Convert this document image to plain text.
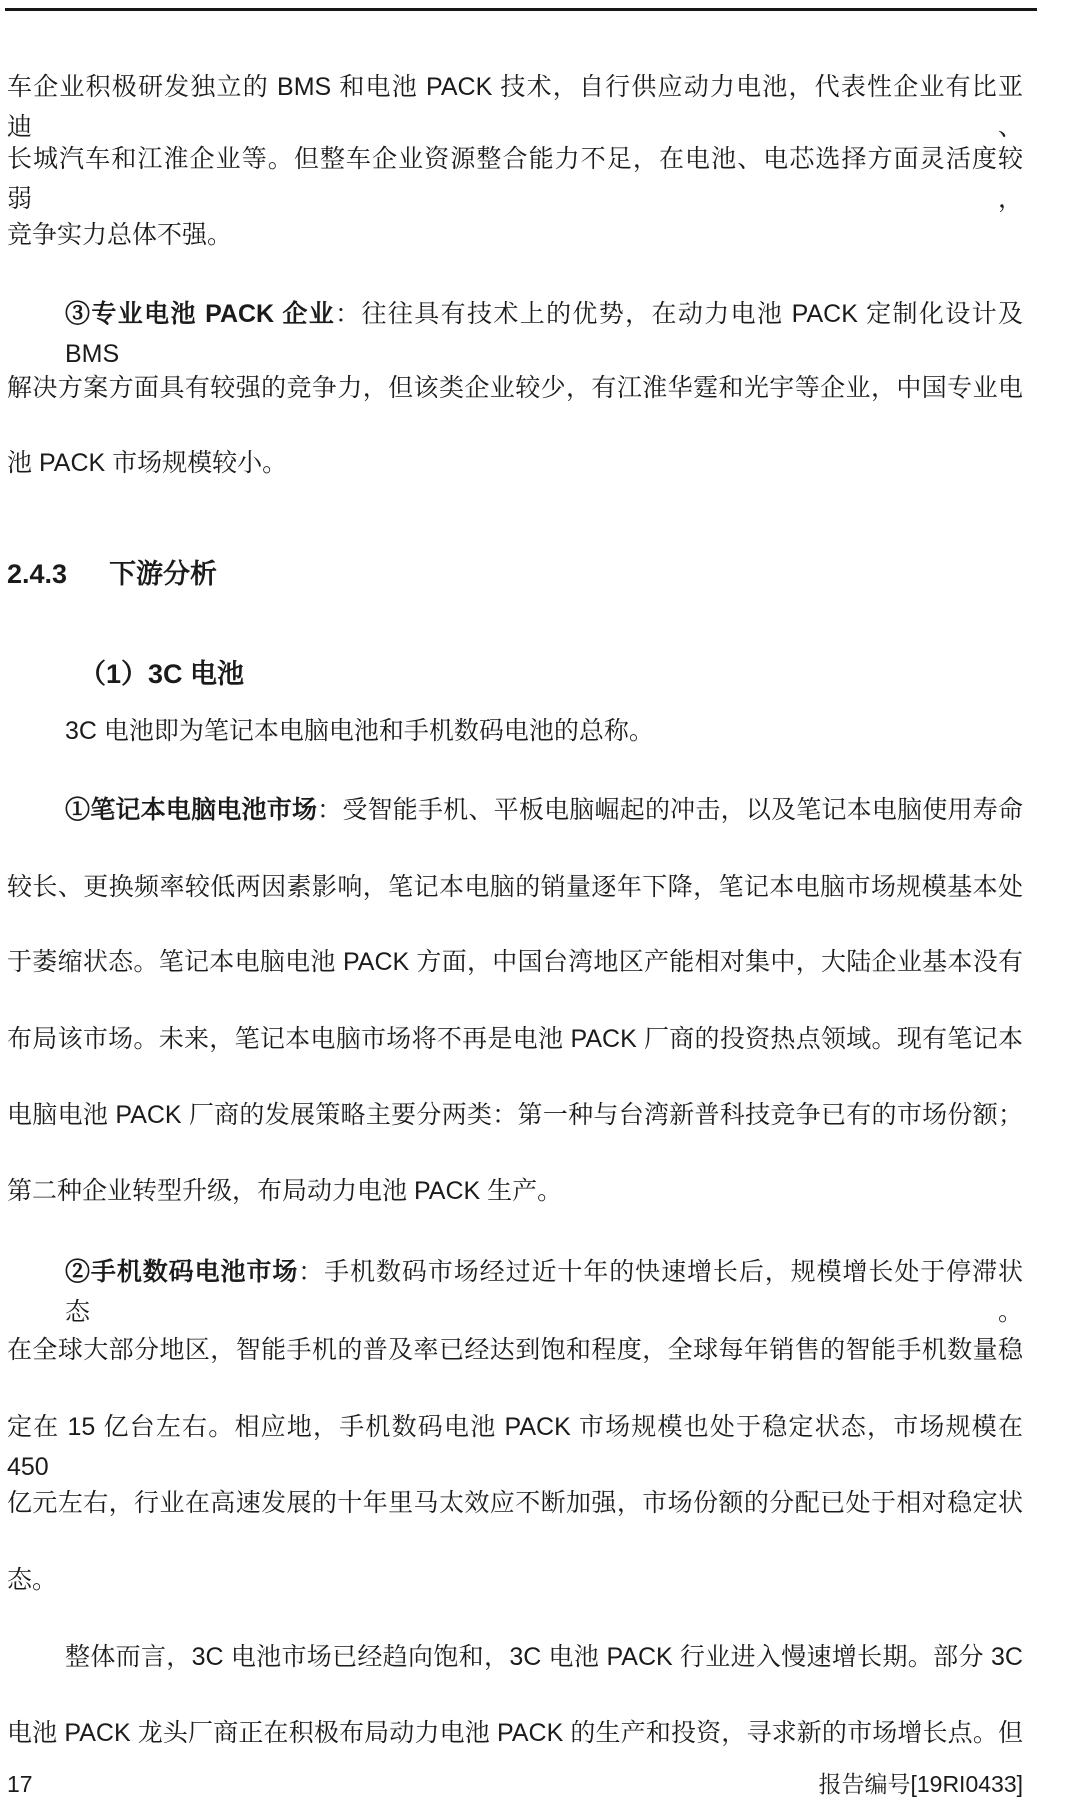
车企业积极研发独立的 BMS 和电池 PACK 技术，自行供应动力电池，代表性企业有比亚迪、
长城汽车和江淮企业等。但整车企业资源整合能力不足，在电池、电芯选择方面灵活度较弱，
竞争实力总体不强。
③专业电池 PACK 企业：往往具有技术上的优势，在动力电池 PACK 定制化设计及 BMS
解决方案方面具有较强的竞争力，但该类企业较少，有江淮华霆和光宇等企业，中国专业电
池 PACK 市场规模较小。
2.4.3 下游分析
（1）3C 电池
3C 电池即为笔记本电脑电池和手机数码电池的总称。
①笔记本电脑电池市场：受智能手机、平板电脑崛起的冲击，以及笔记本电脑使用寿命
较长、更换频率较低两因素影响，笔记本电脑的销量逐年下降，笔记本电脑市场规模基本处
于萎缩状态。笔记本电脑电池 PACK 方面，中国台湾地区产能相对集中，大陆企业基本没有
布局该市场。未来，笔记本电脑市场将不再是电池 PACK 厂商的投资热点领域。现有笔记本
电脑电池 PACK 厂商的发展策略主要分两类：第一种与台湾新普科技竞争已有的市场份额；
第二种企业转型升级，布局动力电池 PACK 生产。
②手机数码电池市场：手机数码市场经过近十年的快速增长后，规模增长处于停滞状态。
在全球大部分地区，智能手机的普及率已经达到饱和程度，全球每年销售的智能手机数量稳
定在 15 亿台左右。相应地，手机数码电池 PACK 市场规模也处于稳定状态，市场规模在 450
亿元左右，行业在高速发展的十年里马太效应不断加强，市场份额的分配已处于相对稳定状
态。
整体而言，3C 电池市场已经趋向饱和，3C 电池 PACK 行业进入慢速增长期。部分 3C
电池 PACK 龙头厂商正在积极布局动力电池 PACK 的生产和投资，寻求新的市场增长点。但
17	报告编号[19RI0433]
